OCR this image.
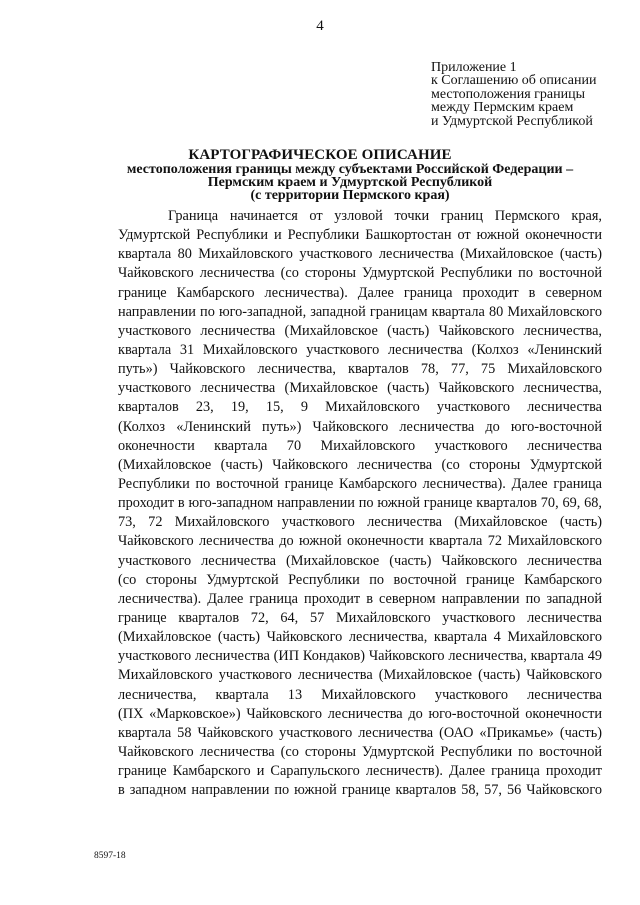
4
Приложение 1
к Соглашению об описании
местоположения границы
между Пермским краем
и Удмуртской Республикой
КАРТОГРАФИЧЕСКОЕ ОПИСАНИЕ
местоположения границы между субъектами Российской Федерации –
Пермским краем и Удмуртской Республикой
(с территории Пермского края)
Граница начинается от узловой точки границ Пермского края,
Удмуртской Республики и Республики Башкортостан от южной оконечности
квартала 80 Михайловского участкового лесничества (Михайловское (часть)
Чайковского лесничества (со стороны Удмуртской Республики по восточной
границе Камбарского лесничества). Далее граница проходит в северном
направлении по юго-западной, западной границам квартала 80 Михайловского
участкового лесничества (Михайловское (часть) Чайковского лесничества,
квартала 31 Михайловского участкового лесничества (Колхоз «Ленинский
путь») Чайковского лесничества, кварталов 78, 77, 75 Михайловского
участкового лесничества (Михайловское (часть) Чайковского лесничества,
кварталов 23, 19, 15, 9 Михайловского участкового лесничества
(Колхоз «Ленинский путь») Чайковского лесничества до юго-восточной
оконечности квартала 70 Михайловского участкового лесничества
(Михайловское (часть) Чайковского лесничества (со стороны Удмуртской
Республики по восточной границе Камбарского лесничества). Далее граница
проходит в юго-западном направлении по южной границе кварталов 70, 69, 68,
73, 72 Михайловского участкового лесничества (Михайловское (часть)
Чайковского лесничества до южной оконечности квартала 72 Михайловского
участкового лесничества (Михайловское (часть) Чайковского лесничества
(со стороны Удмуртской Республики по восточной границе Камбарского
лесничества). Далее граница проходит в северном направлении по западной
границе кварталов 72, 64, 57 Михайловского участкового лесничества
(Михайловское (часть) Чайковского лесничества, квартала 4 Михайловского
участкового лесничества (ИП Кондаков) Чайковского лесничества, квартала 49
Михайловского участкового лесничества (Михайловское (часть) Чайковского
лесничества, квартала 13 Михайловского участкового лесничества
(ПХ «Марковское») Чайковского лесничества до юго-восточной оконечности
квартала 58 Чайковского участкового лесничества (ОАО «Прикамье» (часть)
Чайковского лесничества (со стороны Удмуртской Республики по восточной
границе Камбарского и Сарапульского лесничеств). Далее граница проходит
в западном направлении по южной границе кварталов 58, 57, 56 Чайковского
8597-18
